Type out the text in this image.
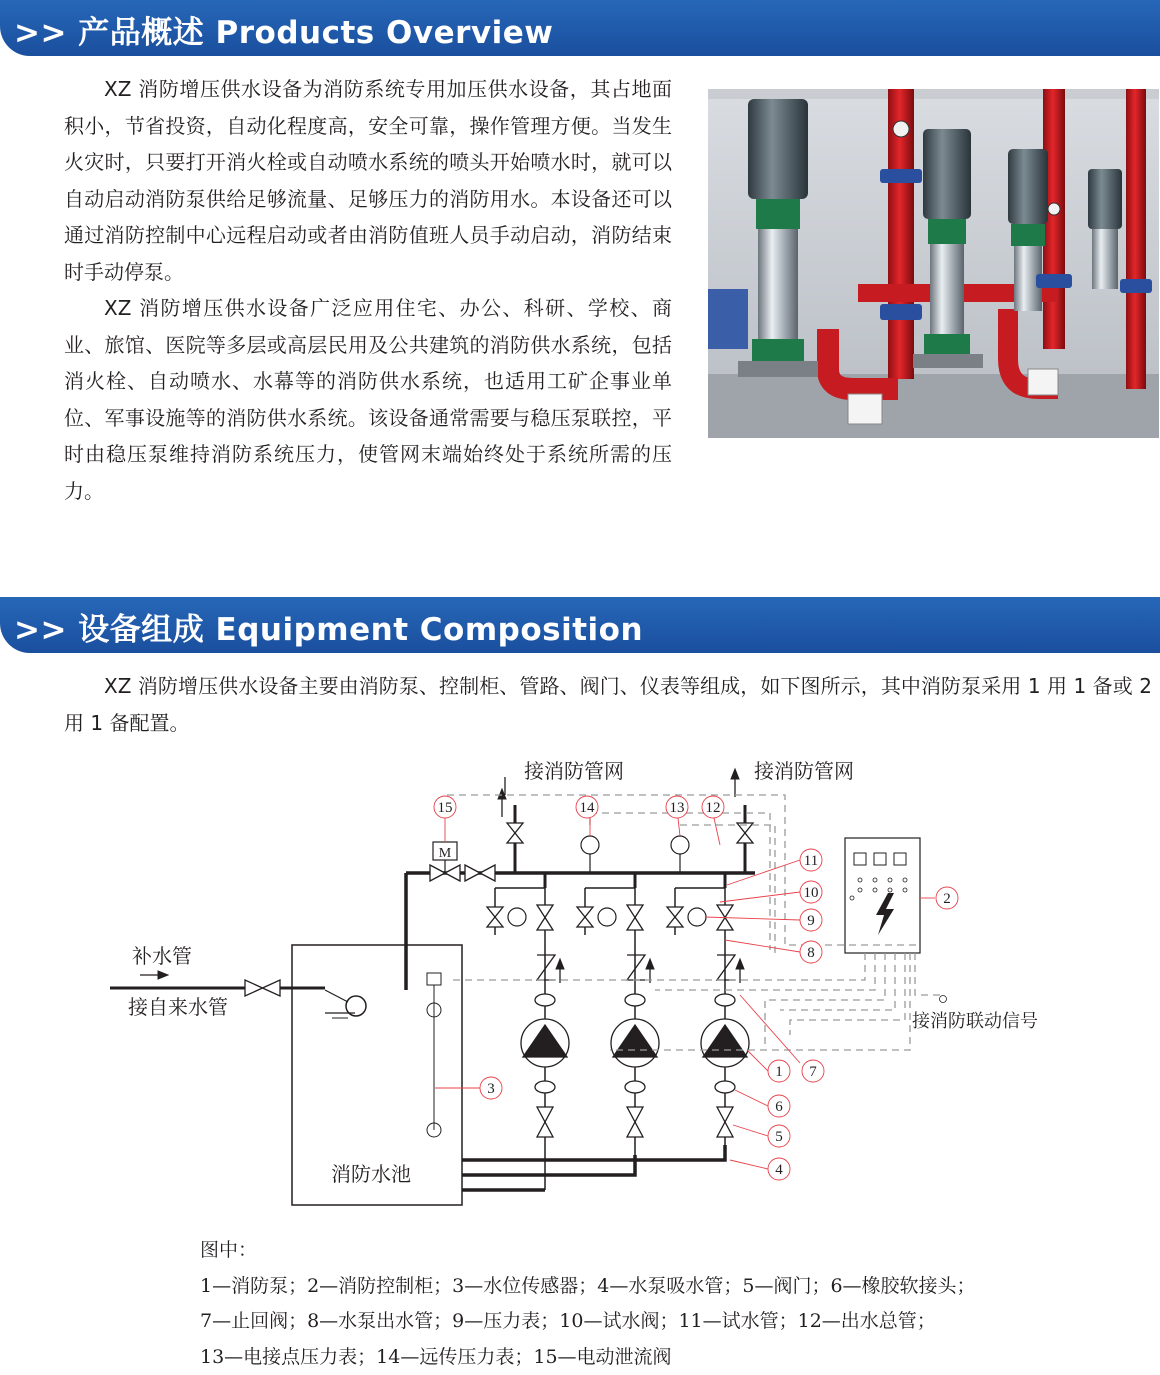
>> 产品概述 Products Overview

XZ 消防增压供水设备为消防系统专用加压供水设备，其占地面积小，节省投资，自动化程度高，安全可靠，操作管理方便。当发生火灾时，只要打开消火栓或自动喷水系统的喷头开始喷水时，就可以自动启动消防泵供给足够流量、足够压力的消防用水。本设备还可以通过消防控制中心远程启动或者由消防值班人员手动启动，消防结束时手动停泵。

XZ 消防增压供水设备广泛应用住宅、办公、科研、学校、商业、旅馆、医院等多层或高层民用及公共建筑的消防供水系统，包括消火栓、自动喷水、水幕等的消防供水系统，也适用工矿企事业单位、军事设施等的消防供水系统。该设备通常需要与稳压泵联控，平时由稳压泵维持消防系统压力，使管网末端始终处于系统所需的压力。

>> 设备组成 Equipment Composition

XZ 消防增压供水设备主要由消防泵、控制柜、管路、阀门、仪表等组成，如下图所示，其中消防泵采用 1 用 1 备或 2 用 1 备配置。

15	14	13 12
11
10
9
8
2
3
1 7
6
5
4
接消防管网	接消防管网
补水管
接自来水管
消防水池
接消防联动信号
M
图中：
1—消防泵；2—消防控制柜；3—水位传感器；4—水泵吸水管；5—阀门；6—橡胶软接头；
7—止回阀；8—水泵出水管；9—压力表；10—试水阀；11—试水管；12—出水总管；
13—电接点压力表；14—远传压力表；15—电动泄流阀
